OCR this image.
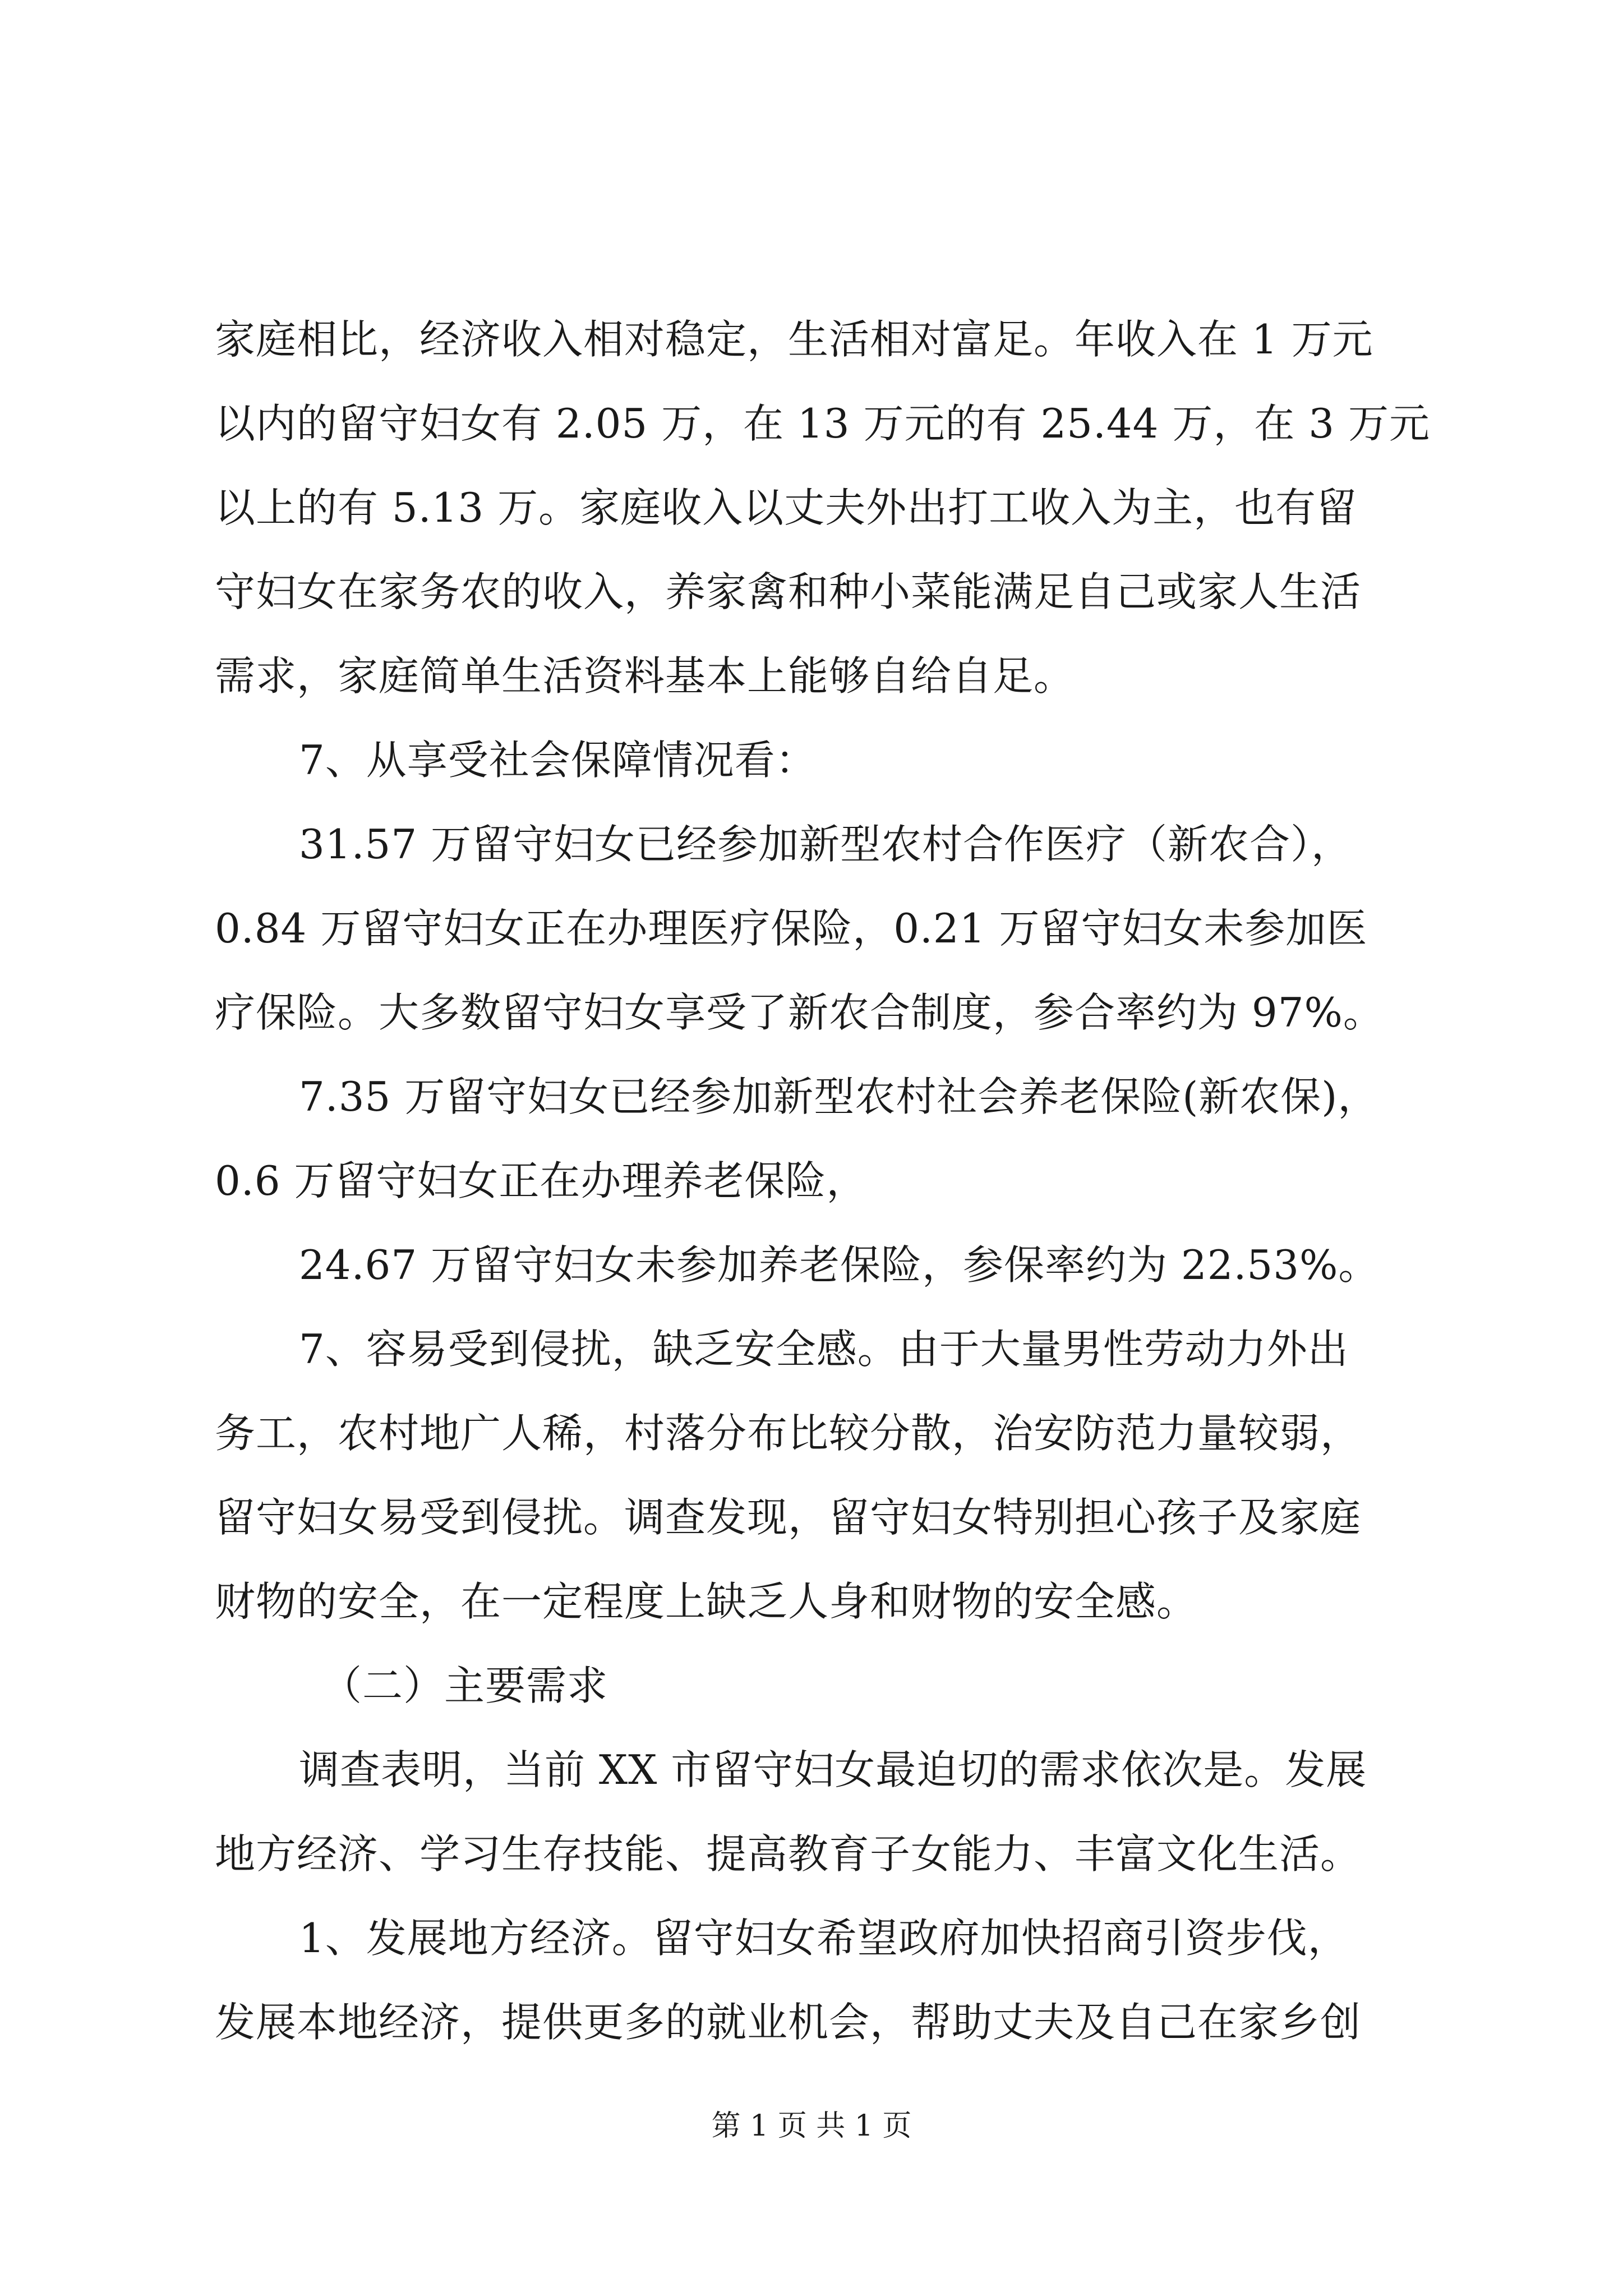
家庭相比，经济收入相对稳定，生活相对富足。年收入在 1 万元
以内的留守妇女有 2.05 万，在 13 万元的有 25.44 万，在 3 万元
以上的有 5.13 万。家庭收入以丈夫外出打工收入为主，也有留
守妇女在家务农的收入，养家禽和种小菜能满足自己或家人生活
需求，家庭简单生活资料基本上能够自给自足。
7、从享受社会保障情况看：
31.57 万留守妇女已经参加新型农村合作医疗（新农合），
0.84 万留守妇女正在办理医疗保险，0.21 万留守妇女未参加医
疗保险。大多数留守妇女享受了新农合制度，参合率约为 97%。
7.35 万留守妇女已经参加新型农村社会养老保险(新农保)，
0.6 万留守妇女正在办理养老保险，
24.67 万留守妇女未参加养老保险，参保率约为 22.53%。
7、容易受到侵扰，缺乏安全感。由于大量男性劳动力外出
务工，农村地广人稀，村落分布比较分散，治安防范力量较弱，
留守妇女易受到侵扰。调查发现，留守妇女特别担心孩子及家庭
财物的安全，在一定程度上缺乏人身和财物的安全感。
（二）主要需求
调查表明，当前 XX 市留守妇女最迫切的需求依次是。发展
地方经济、学习生存技能、提高教育子女能力、丰富文化生活。
1、发展地方经济。留守妇女希望政府加快招商引资步伐，
发展本地经济，提供更多的就业机会，帮助丈夫及自己在家乡创
第 1 页 共 1 页
